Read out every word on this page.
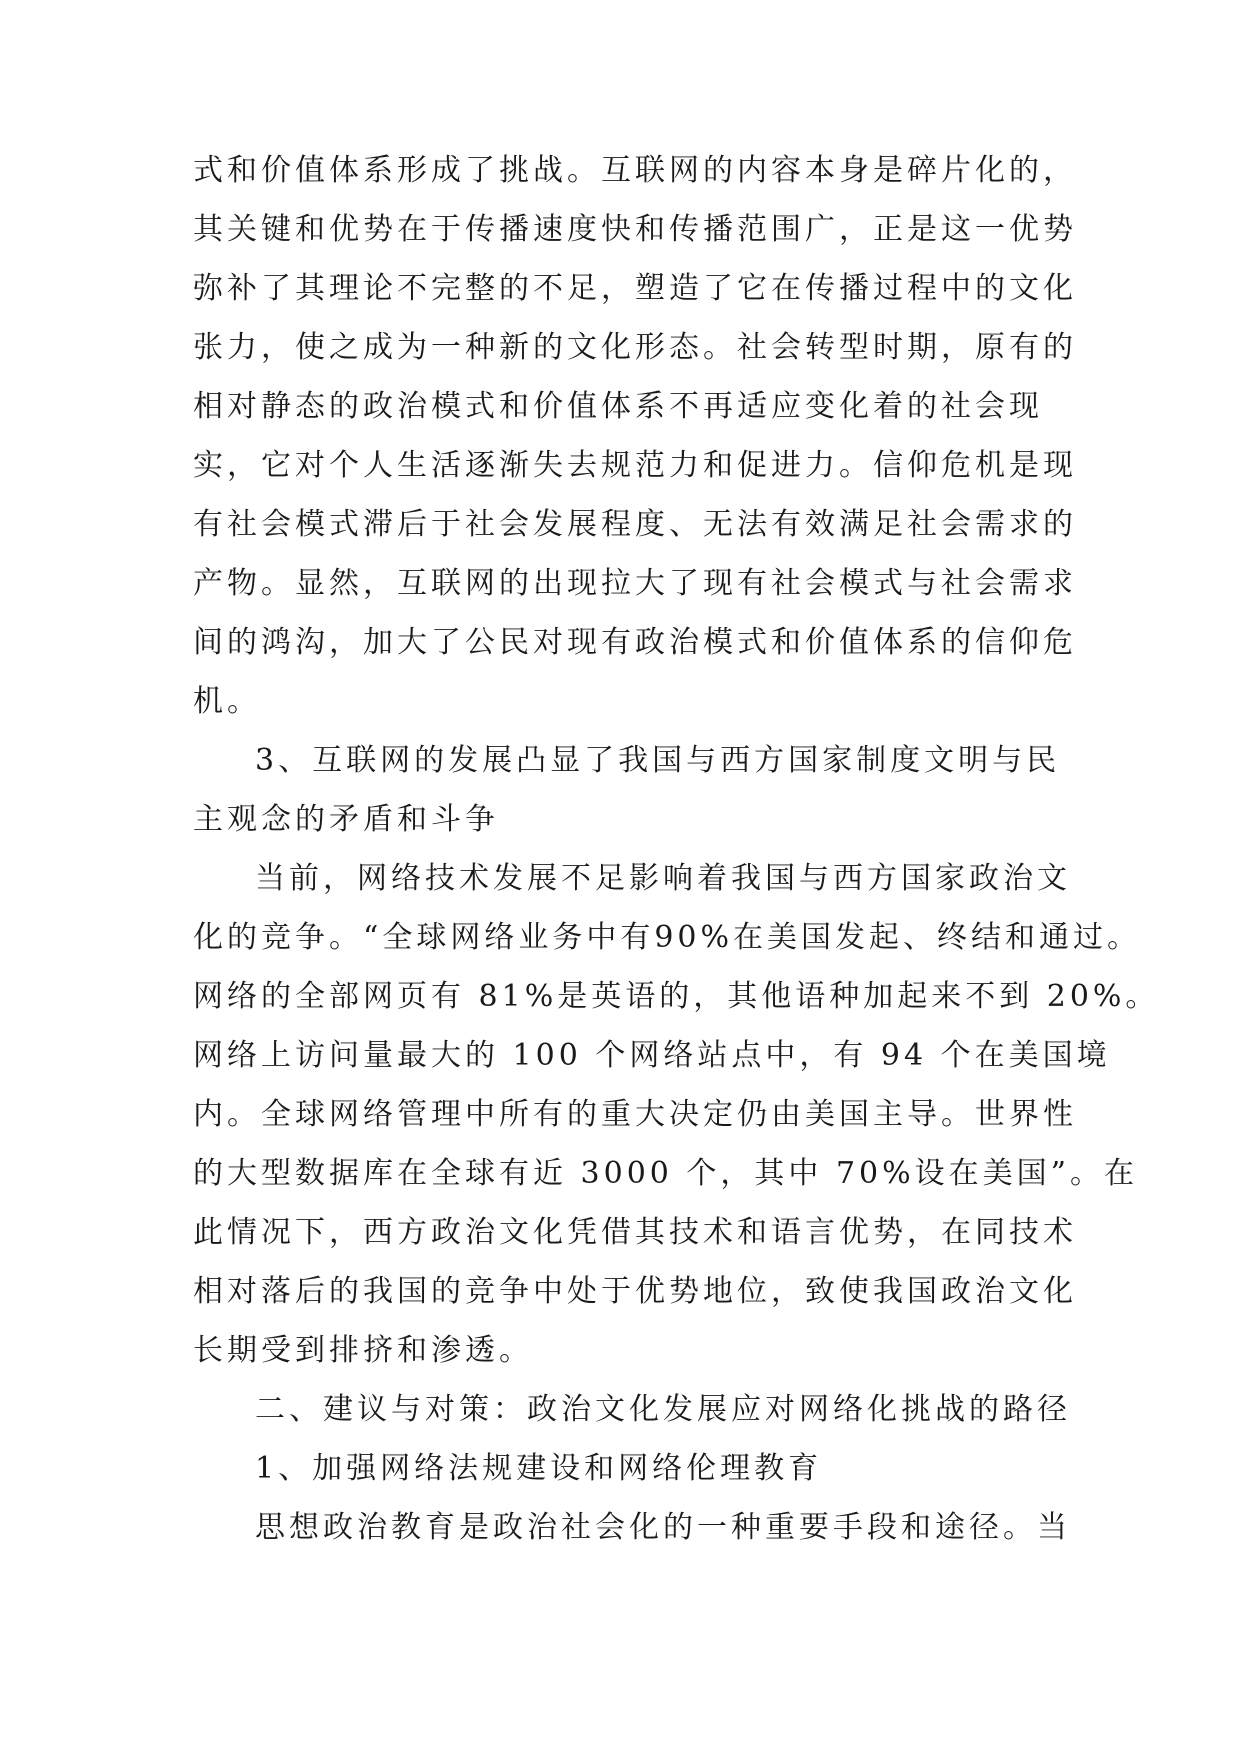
式和价值体系形成了挑战。互联网的内容本身是碎片化的，
其关键和优势在于传播速度快和传播范围广，正是这一优势
弥补了其理论不完整的不足，塑造了它在传播过程中的文化
张力，使之成为一种新的文化形态。社会转型时期，原有的
相对静态的政治模式和价值体系不再适应变化着的社会现
实，它对个人生活逐渐失去规范力和促进力。信仰危机是现
有社会模式滞后于社会发展程度、无法有效满足社会需求的
产物。显然，互联网的出现拉大了现有社会模式与社会需求
间的鸿沟，加大了公民对现有政治模式和价值体系的信仰危
机。
3、互联网的发展凸显了我国与西方国家制度文明与民
主观念的矛盾和斗争
当前，网络技术发展不足影响着我国与西方国家政治文
化的竞争。“全球网络业务中有90%在美国发起、终结和通过。
网络的全部网页有 81%是英语的，其他语种加起来不到 20%。
网络上访问量最大的 100 个网络站点中，有 94 个在美国境
内。全球网络管理中所有的重大决定仍由美国主导。世界性
的大型数据库在全球有近 3000 个，其中 70%设在美国”。在
此情况下，西方政治文化凭借其技术和语言优势，在同技术
相对落后的我国的竞争中处于优势地位，致使我国政治文化
长期受到排挤和渗透。
二、建议与对策：政治文化发展应对网络化挑战的路径
1、加强网络法规建设和网络伦理教育
思想政治教育是政治社会化的一种重要手段和途径。当
